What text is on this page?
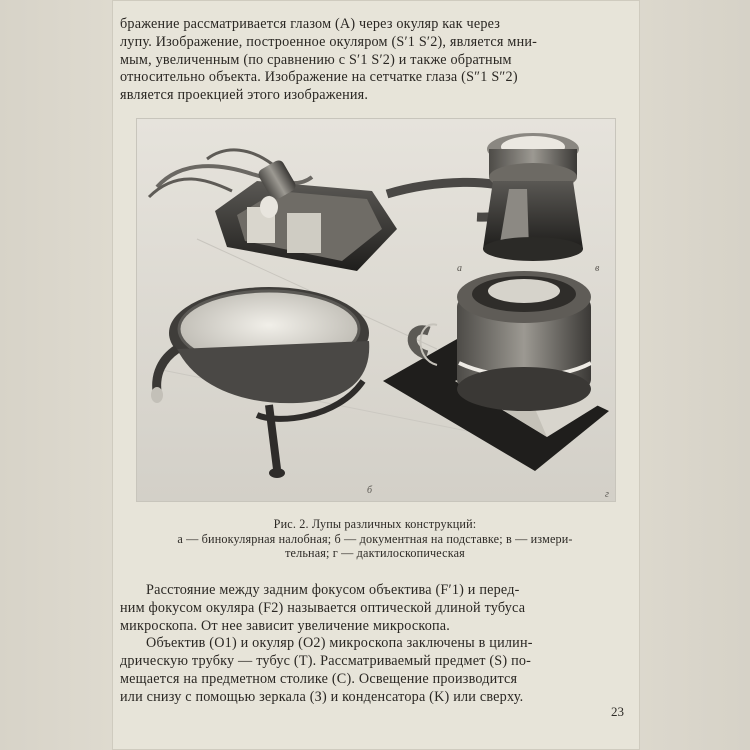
бражение рассматривается глазом (A) через окуляр как через
лупу. Изображение, построенное окуляром (S′1 S′2), является мни-
мым, увеличенным (по сравнению с S′1 S′2) и также обратным
относительно объекта. Изображение на сетчатке глаза (S″1 S″2)
является проекцией этого изображения.
а	в
б	г
Рис. 2. Лупы различных конструкций:
а — бинокулярная налобная; б — документная на подставке; в — измери-
тельная; г — дактилоскопическая
Расстояние между задним фокусом объектива (F′1) и перед-
ним фокусом окуляра (F2) называется оптической длиной тубуса
микроскопа. От нее зависит увеличение микроскопа.
Объектив (O1) и окуляр (O2) микроскопа заключены в цилин-
дрическую трубку — тубус (T). Рассматриваемый предмет (S) по-
мещается на предметном столике (C). Освещение производится
или снизу с помощью зеркала (З) и конденсатора (K) или сверху.
23
